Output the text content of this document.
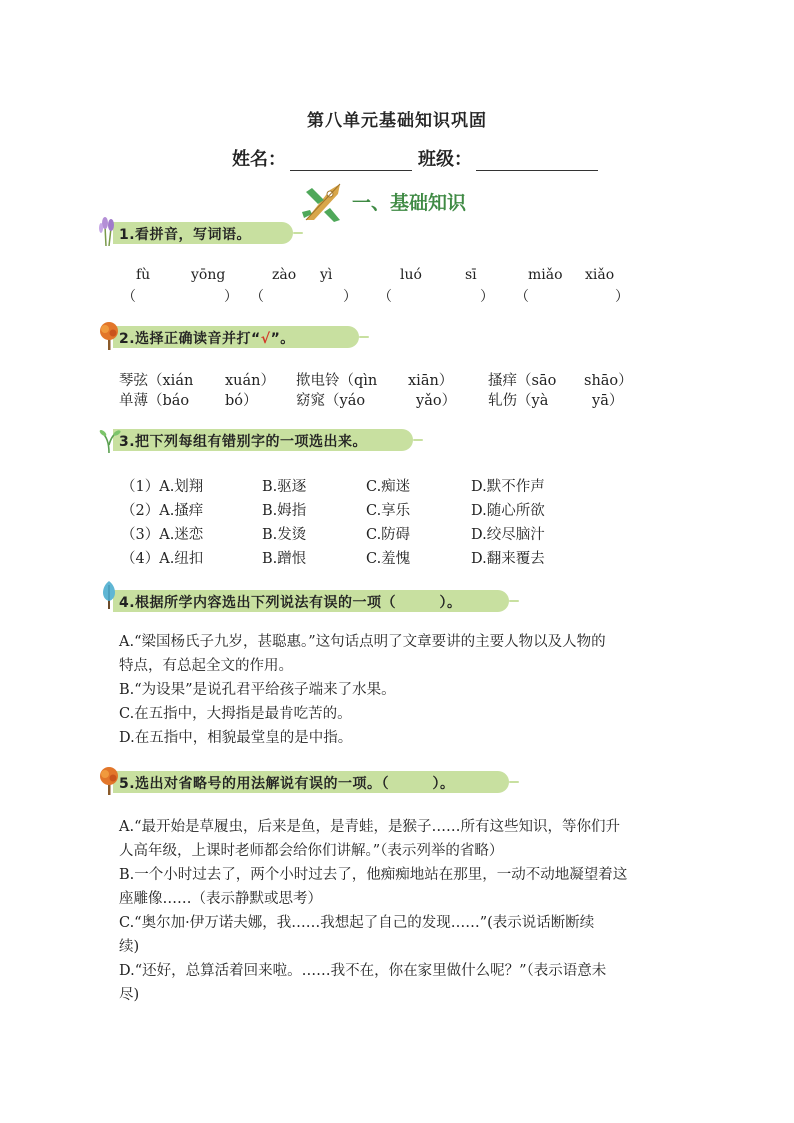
第八单元基础知识巩固
姓名：	班级：
一、基础知识
1.看拼音，写词语。
fù	yōng	zào yì	luó	sī	miǎo xiǎo
（	） （	） （	） （	）
2.选择正确读音并打“√”。
琴弦（xián xuán） 揿电铃（qìn xiān） 搔痒（sāo shāo）
单薄（báo bó）	窈窕（yáo	yǎo） 轧伤（yà	yā）
3.把下列每组有错别字的一项选出来。
（1）A.划翔	B.驱逐	C.痴迷	D.默不作声
（2）A.搔痒	B.姆指	C.享乐	D.随心所欲
（3）A.迷恋	B.发烫	C.防碍	D.绞尽脑汁
（4）A.纽扣	B.蹭恨	C.羞愧	D.翻来覆去
4.根据所学内容选出下列说法有误的一项（　　　）。
A.“梁国杨氏子九岁，甚聪惠。”这句话点明了文章要讲的主要人物以及人物的
特点，有总起全文的作用。
B.“为设果”是说孔君平给孩子端来了水果。
C.在五指中，大拇指是最肯吃苦的。
D.在五指中，相貌最堂皇的是中指。
5.选出对省略号的用法解说有误的一项。（　　　）。
A.“最开始是草履虫，后来是鱼，是青蛙，是猴子……所有这些知识，等你们升
人高年级，上课时老师都会给你们讲解。”（表示列举的省略）
B.一个小时过去了，两个小时过去了，他痴痴地站在那里，一动不动地凝望着这
座雕像……（表示静默或思考）
C.“奥尔加·伊万诺夫娜，我……我想起了自己的发现……”(表示说话断断续
续)
D.“还好，总算活着回来啦。……我不在，你在家里做什么呢？”（表示语意未
尽)
